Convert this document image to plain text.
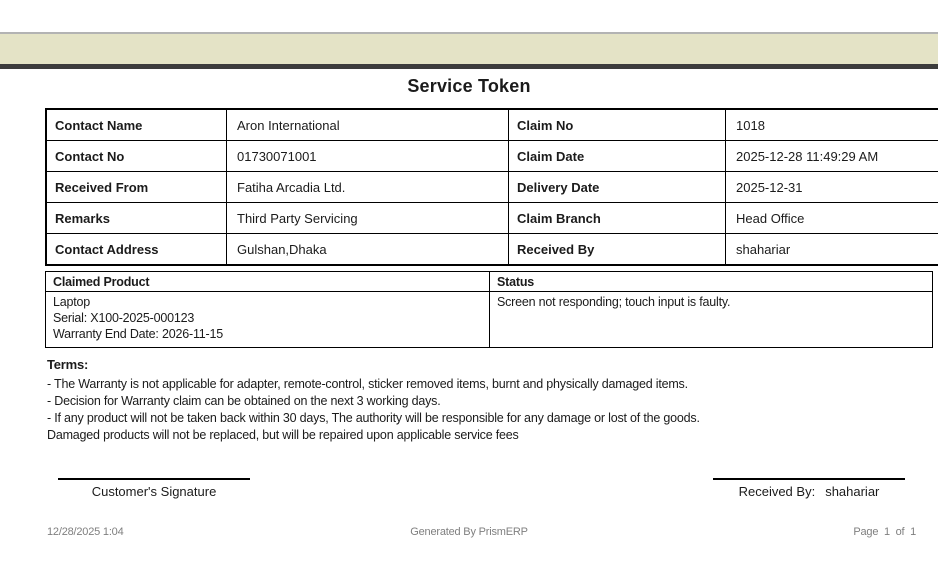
Service Token
Contact Name	Aron International	Claim No	1018
Contact No	01730071001	Claim Date	2025-12-28 11:49:29 AM
Received From	Fatiha Arcadia Ltd.	Delivery Date	2025-12-31
Remarks	Third Party Servicing	Claim Branch	Head Office
Contact Address	Gulshan,Dhaka	Received By	shahariar
Claimed Product	Status

Laptop
Serial: X100-2025-000123
Warranty End Date: 2026-11-15	Screen not responding; touch input is faulty.
Terms:
- The Warranty is not applicable for adapter, remote-control, sticker removed items, burnt and physically damaged items.
- Decision for Warranty claim can be obtained on the next 3 working days.
- If any product will not be taken back within 30 days, The authority will be responsible for any damage or lost of the goods.
Damaged products will not be replaced, but will be repaired upon applicable service fees
Customer's Signature	Received By: shahariar
12/28/2025 1:04	Generated By PrismERP	Page  1  of  1
